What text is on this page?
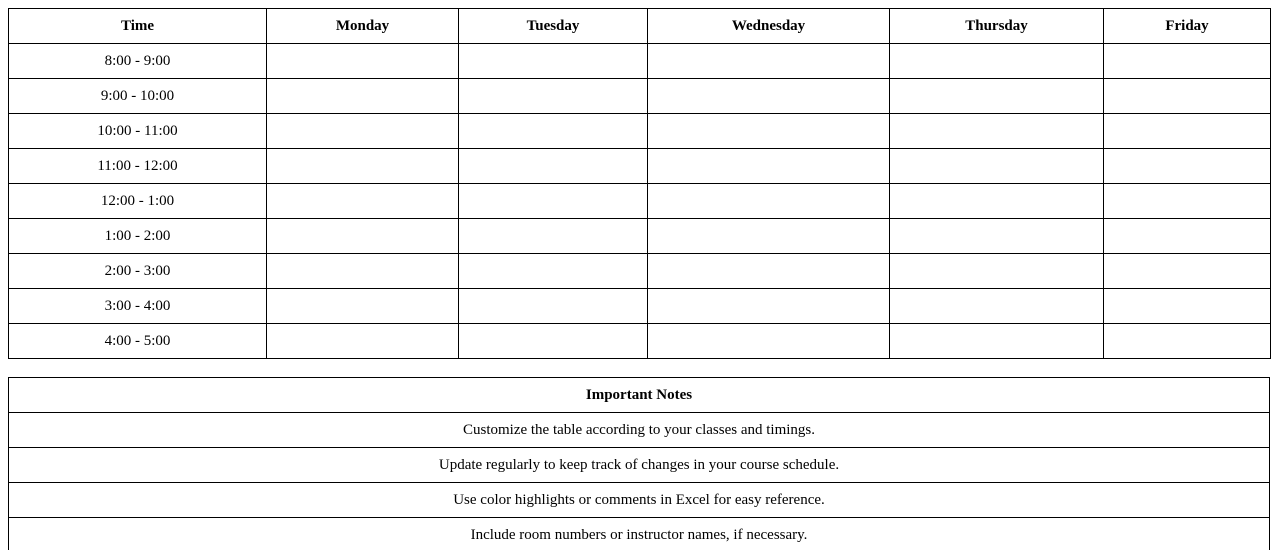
Time	Monday	Tuesday	Wednesday	Thursday	Friday
8:00 - 9:00					
9:00 - 10:00					
10:00 - 11:00					
11:00 - 12:00					
12:00 - 1:00					
1:00 - 2:00					
2:00 - 3:00					
3:00 - 4:00					
4:00 - 5:00					
Important Notes
Customize the table according to your classes and timings.
Update regularly to keep track of changes in your course schedule.
Use color highlights or comments in Excel for easy reference.
Include room numbers or instructor names, if necessary.
